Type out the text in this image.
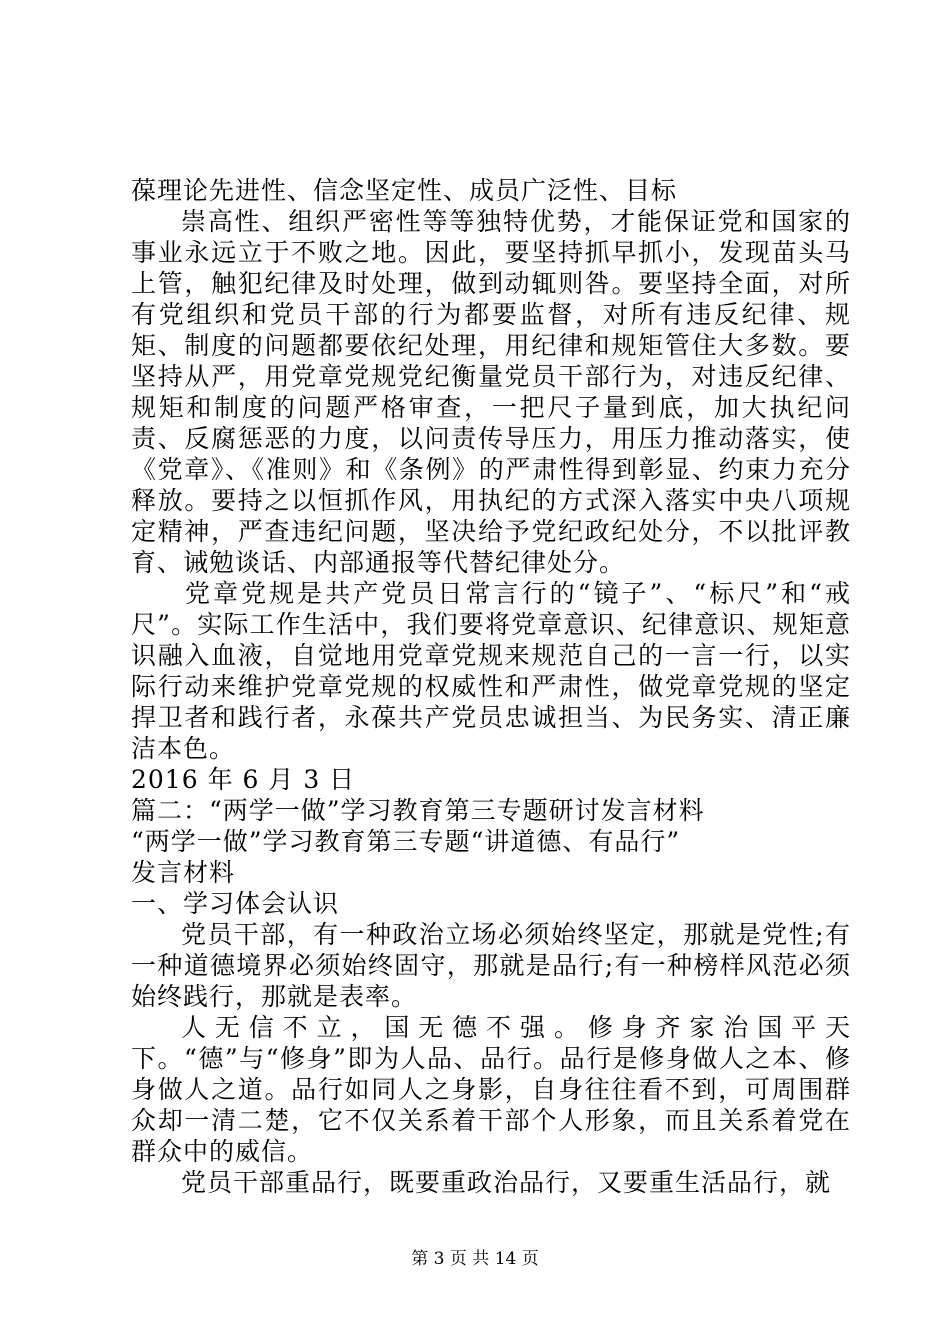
葆理论先进性、信念坚定性、成员广泛性、目标

崇高性、组织严密性等等独特优势，才能保证党和国家的事业永远立于不败之地。因此，要坚持抓早抓小，发现苗头马上管，触犯纪律及时处理，做到动辄则咎。要坚持全面，对所有党组织和党员干部的行为都要监督，对所有违反纪律、规矩、制度的问题都要依纪处理，用纪律和规矩管住大多数。要坚持从严，用党章党规党纪衡量党员干部行为，对违反纪律、规矩和制度的问题严格审查，一把尺子量到底，加大执纪问责、反腐惩恶的力度，以问责传导压力，用压力推动落实，使《党章》、《准则》和《条例》的严肃性得到彰显、约束力充分释放。要持之以恒抓作风，用执纪的方式深入落实中央八项规定精神，严查违纪问题，坚决给予党纪政纪处分，不以批评教育、诫勉谈话、内部通报等代替纪律处分。

党章党规是共产党员日常言行的“镜子”、“标尺”和“戒尺”。实际工作生活中，我们要将党章意识、纪律意识、规矩意识融入血液，自觉地用党章党规来规范自己的一言一行，以实际行动来维护党章党规的权威性和严肃性，做党章党规的坚定捍卫者和践行者，永葆共产党员忠诚担当、为民务实、清正廉洁本色。

2016 年 6 月 3 日

篇二：“两学一做”学习教育第三专题研讨发言材料

“两学一做”学习教育第三专题“讲道德、有品行”

发言材料

一、学习体会认识

党员干部，有一种政治立场必须始终坚定，那就是党性;有一种道德境界必须始终固守，那就是品行;有一种榜样风范必须始终践行，那就是表率。

人无信不立，国无德不强。修身齐家治国平天下。“德”与“修身”即为人品、品行。品行是修身做人之本、修身做人之道。品行如同人之身影，自身往往看不到，可周围群众却一清二楚，它不仅关系着干部个人形象，而且关系着党在群众中的威信。

党员干部重品行，既要重政治品行，又要重生活品行，就

第 3 页 共 14 页
